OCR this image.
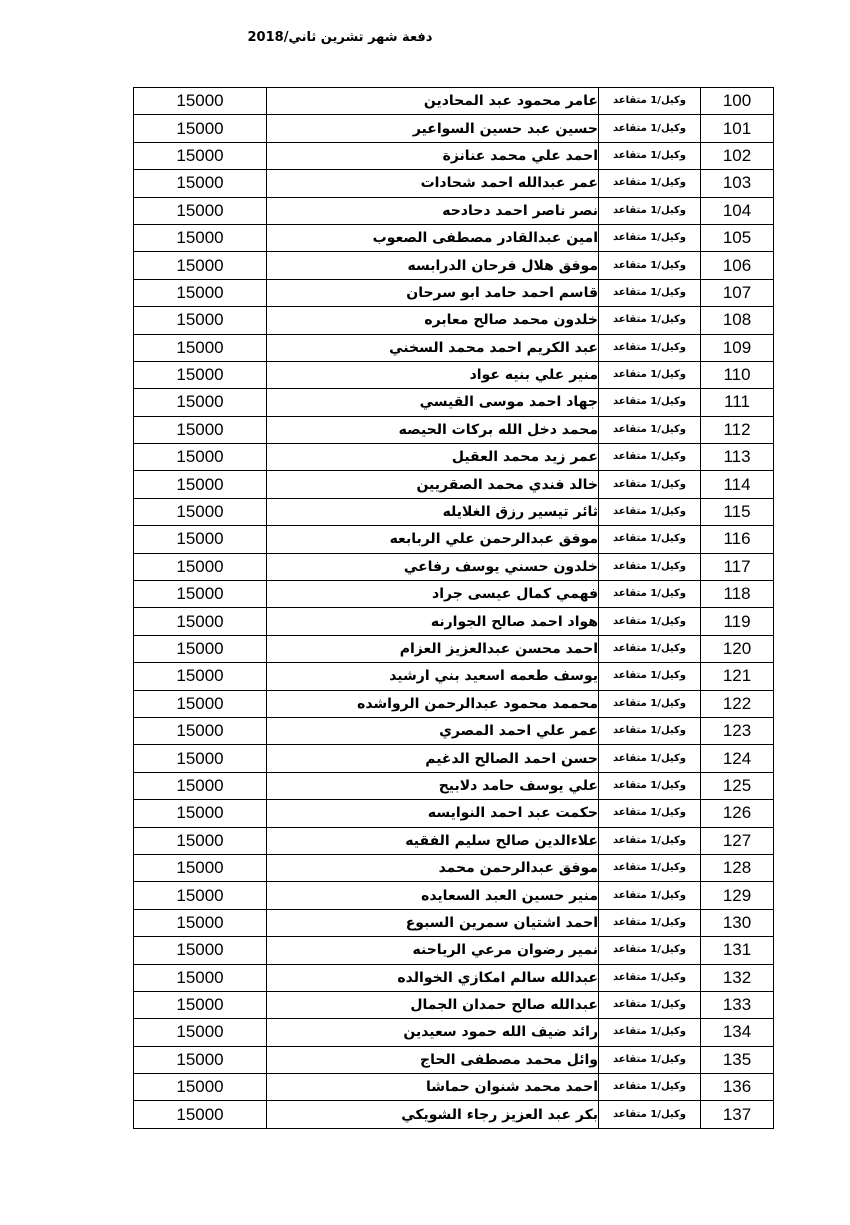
دفعة شهر تشرين ثاني/2018
15000	عامر محمود عبد المحادين	وكيل/1 متقاعد	100
15000	حسين عبد حسين السواعير	وكيل/1 متقاعد	101
15000	احمد علي محمد عنانزة	وكيل/1 متقاعد	102
15000	عمر عبدالله احمد شحادات	وكيل/1 متقاعد	103
15000	نصر ناصر احمد دحادحه	وكيل/1 متقاعد	104
15000	امين عبدالقادر مصطفى الصعوب	وكيل/1 متقاعد	105
15000	موفق هلال فرحان الدرابسه	وكيل/1 متقاعد	106
15000	قاسم احمد حامد ابو سرحان	وكيل/1 متقاعد	107
15000	خلدون محمد صالح معابره	وكيل/1 متقاعد	108
15000	عبد الكريم احمد محمد السخني	وكيل/1 متقاعد	109
15000	منير علي بنيه عواد	وكيل/1 متقاعد	110
15000	جهاد احمد موسى القيسي	وكيل/1 متقاعد	111
15000	محمد دخل الله بركات الحيصه	وكيل/1 متقاعد	112
15000	عمر زيد محمد العقيل	وكيل/1 متقاعد	113
15000	خالد فندي محمد الصقريين	وكيل/1 متقاعد	114
15000	ثائر تيسير رزق الغلايله	وكيل/1 متقاعد	115
15000	موفق عبدالرحمن علي الربابعه	وكيل/1 متقاعد	116
15000	خلدون حسني يوسف رفاعي	وكيل/1 متقاعد	117
15000	فهمي كمال عيسى جراد	وكيل/1 متقاعد	118
15000	هواد احمد صالح الجوارنه	وكيل/1 متقاعد	119
15000	احمد محسن عبدالعزيز العزام	وكيل/1 متقاعد	120
15000	يوسف طعمه اسعيد بني ارشيد	وكيل/1 متقاعد	121
15000	محممد محمود عبدالرحمن الرواشده	وكيل/1 متقاعد	122
15000	عمر علي احمد المصري	وكيل/1 متقاعد	123
15000	حسن احمد الصالح الدغيم	وكيل/1 متقاعد	124
15000	علي يوسف حامد دلابيح	وكيل/1 متقاعد	125
15000	حكمت عبد احمد النوايسه	وكيل/1 متقاعد	126
15000	علاءالدين صالح سليم الفقيه	وكيل/1 متقاعد	127
15000	موفق عبدالرحمن محمد	وكيل/1 متقاعد	128
15000	منير حسين العبد السعايده	وكيل/1 متقاعد	129
15000	احمد اشتيان سمرين السبوع	وكيل/1 متقاعد	130
15000	نمير رضوان مرعي الرياحنه	وكيل/1 متقاعد	131
15000	عبدالله سالم امكازي الخوالده	وكيل/1 متقاعد	132
15000	عبدالله صالح حمدان الجمال	وكيل/1 متقاعد	133
15000	رائد ضيف الله حمود سعيدين	وكيل/1 متقاعد	134
15000	وائل محمد مصطفى الحاج	وكيل/1 متقاعد	135
15000	احمد محمد شنوان حماشا	وكيل/1 متقاعد	136
15000	بكر عبد العزيز رجاء الشويكي	وكيل/1 متقاعد	137
